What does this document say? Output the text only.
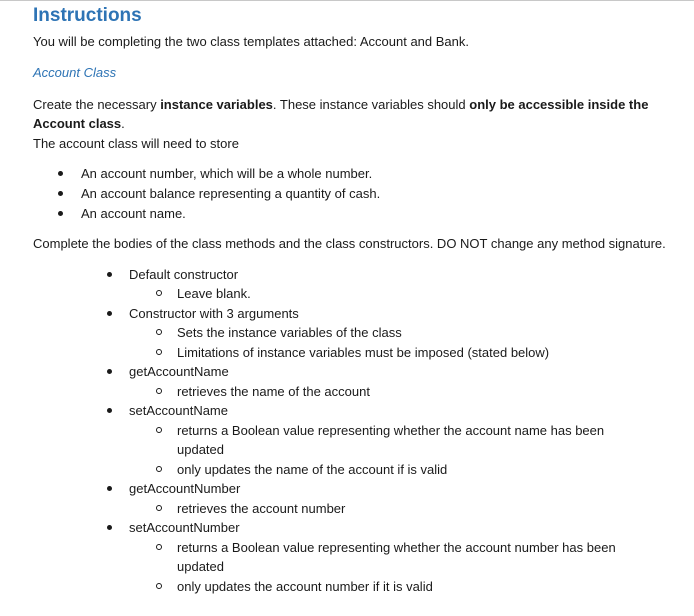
Instructions

You will be completing the two class templates attached: Account and Bank.

Account Class

Create the necessary instance variables. These instance variables should only be accessible inside the Account class.

The account class will need to store

An account number, which will be a whole number.
An account balance representing a quantity of cash.
An account name.

Complete the bodies of the class methods and the class constructors. DO NOT change any method signature.

Default constructor
Leave blank.
Constructor with 3 arguments
Sets the instance variables of the class
Limitations of instance variables must be imposed (stated below)
getAccountName
retrieves the name of the account
setAccountName
returns a Boolean value representing whether the account name has been updated
only updates the name of the account if is valid
getAccountNumber
retrieves the account number
setAccountNumber
returns a Boolean value representing whether the account number has been updated
only updates the account number if it is valid
